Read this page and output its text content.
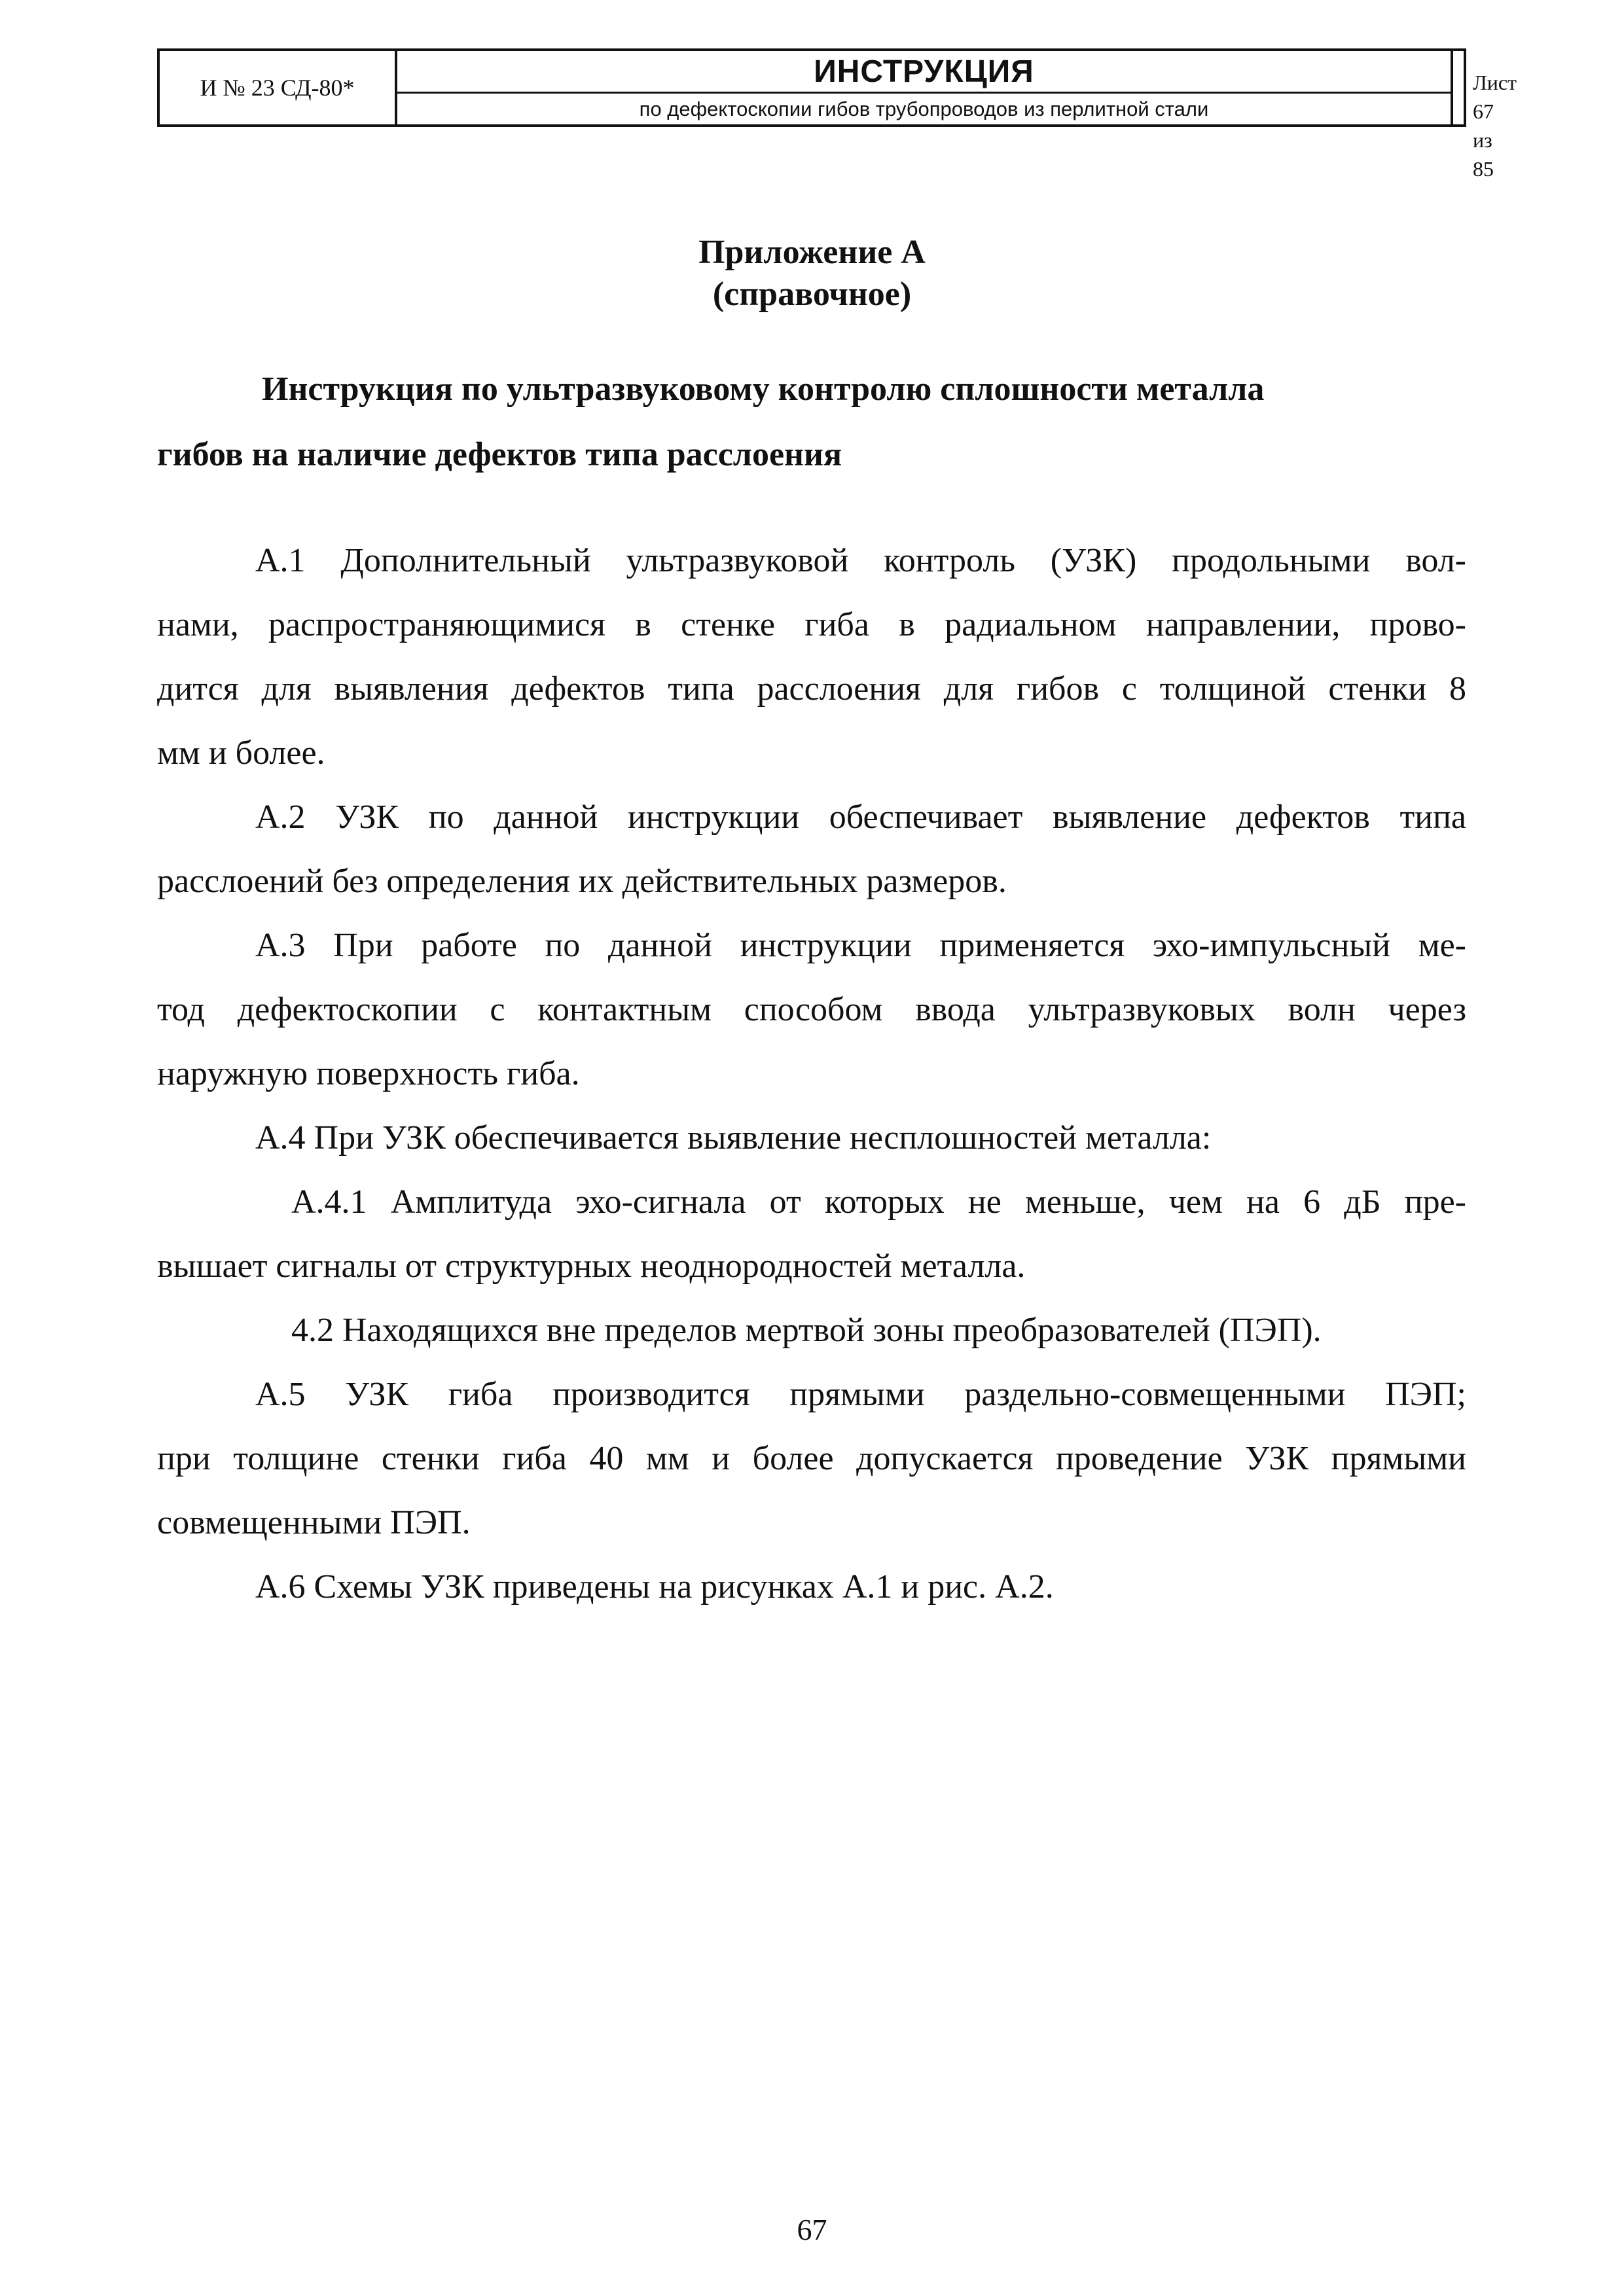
И № 23 СД-80*	ИНСТРУКЦИЯ
по дефектоскопии гибов трубопроводов из перлитной стали
Лист 67 из
85
Приложение А
(справочное)
Инструкция по ультразвуковому контролю сплошности металла
гибов на наличие дефектов типа расслоения

А.1 Дополнительный ультразвуковой контроль (УЗК) продольными вол-

нами, распространяющимися в стенке гиба в радиальном направлении, прово-

дится для выявления дефектов типа расслоения для гибов с толщиной стенки 8

мм и более.

А.2 УЗК по данной инструкции обеспечивает выявление дефектов типа

расслоений без определения их действительных размеров.

А.3 При работе по данной инструкции применяется эхо-импульсный ме-

тод дефектоскопии с контактным способом ввода ультразвуковых волн через

наружную поверхность гиба.

А.4 При УЗК обеспечивается выявление несплошностей металла:

А.4.1 Амплитуда эхо-сигнала от которых не меньше, чем на 6 дБ пре-

вышает сигналы от структурных неоднородностей металла.

4.2 Находящихся вне пределов мертвой зоны преобразователей (ПЭП).

А.5 УЗК гиба производится прямыми раздельно-совмещенными ПЭП;

при толщине стенки гиба 40 мм и более допускается проведение УЗК прямыми

совмещенными ПЭП.

А.6 Схемы УЗК приведены на рисунках А.1 и рис. А.2.

67
